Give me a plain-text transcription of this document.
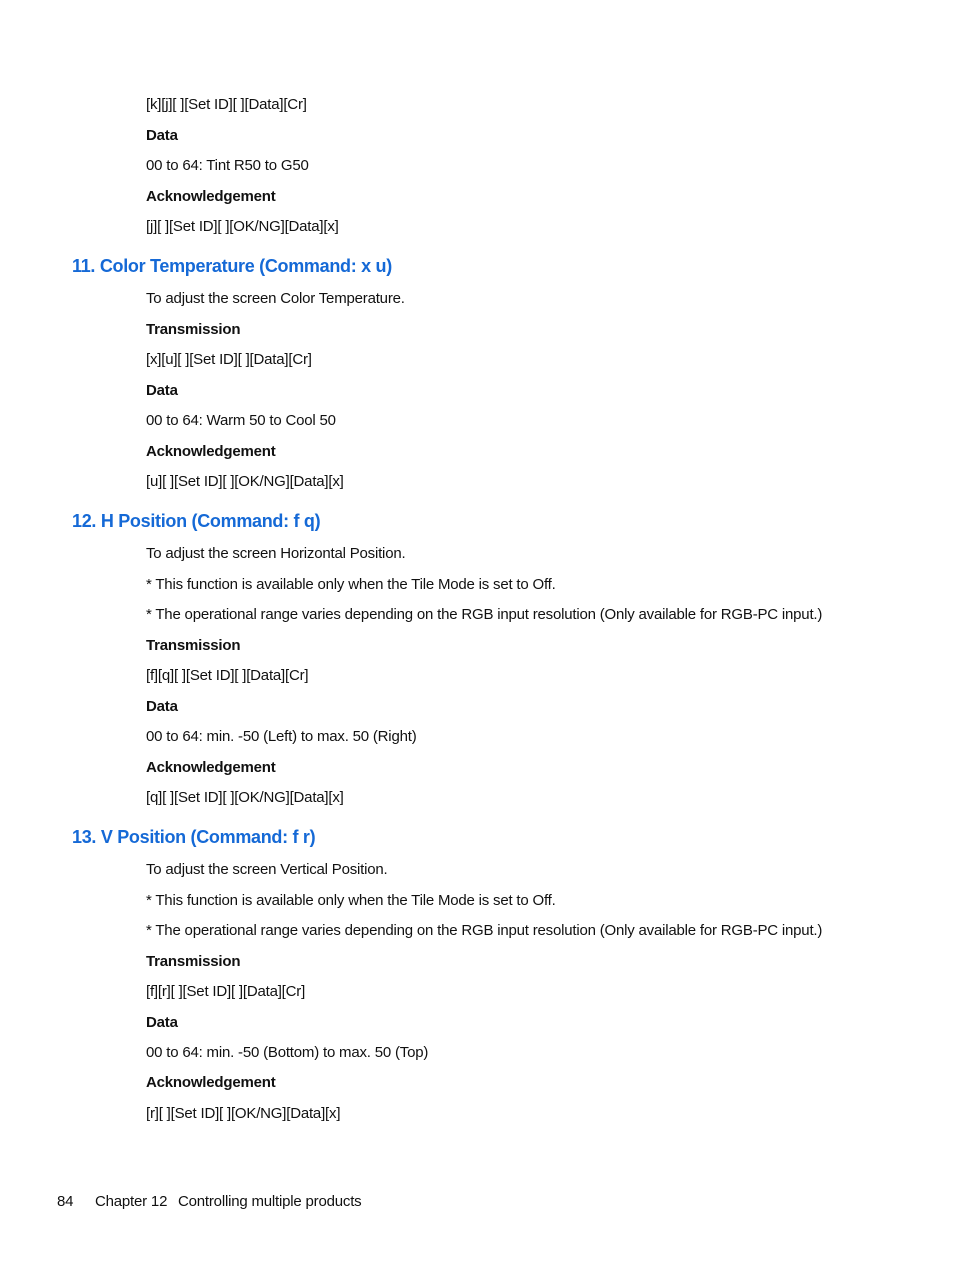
[k][j][ ][Set ID][ ][Data][Cr]
Data
00 to 64: Tint R50 to G50
Acknowledgement
[j][ ][Set ID][ ][OK/NG][Data][x]
11. Color Temperature (Command: x u)
To adjust the screen Color Temperature.
Transmission
[x][u][ ][Set ID][ ][Data][Cr]
Data
00 to 64: Warm 50 to Cool 50
Acknowledgement
[u][ ][Set ID][ ][OK/NG][Data][x]
12. H Position (Command: f q)
To adjust the screen Horizontal Position.
* This function is available only when the Tile Mode is set to Off.
* The operational range varies depending on the RGB input resolution (Only available for RGB-PC input.)
Transmission
[f][q][ ][Set ID][ ][Data][Cr]
Data
00 to 64: min. -50 (Left) to max. 50 (Right)
Acknowledgement
[q][ ][Set ID][ ][OK/NG][Data][x]
13. V Position (Command: f r)
To adjust the screen Vertical Position.
* This function is available only when the Tile Mode is set to Off.
* The operational range varies depending on the RGB input resolution (Only available for RGB-PC input.)
Transmission
[f][r][ ][Set ID][ ][Data][Cr]
Data
00 to 64: min. -50 (Bottom) to max. 50 (Top)
Acknowledgement
[r][ ][Set ID][ ][OK/NG][Data][x]
84 Chapter 12 Controlling multiple products
